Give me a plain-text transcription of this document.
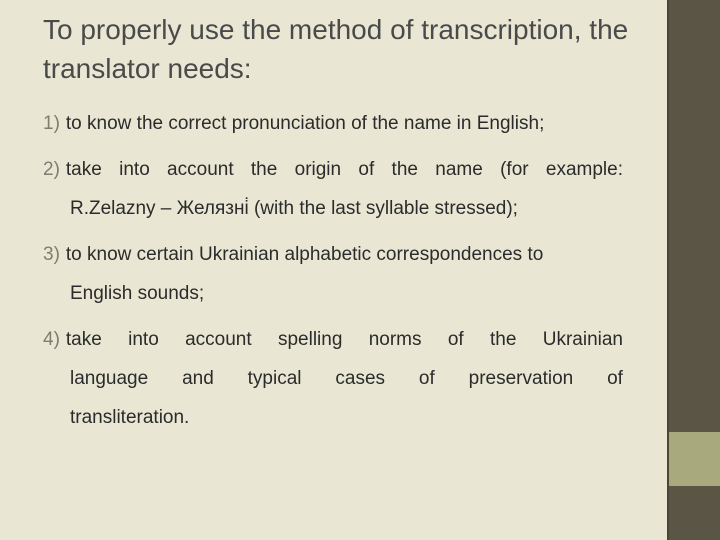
To properly use the method of transcription, the translator needs:
1) to know the correct pronunciation of the name in English;
2) take into account the origin of the name (for example:
R.Zelazny – Желязнi̇ (with the last syllable stressed);
3) to know certain Ukrainian alphabetic correspondences to
English sounds;
4) take into account spelling norms of the Ukrainian
language and typical cases of preservation of
transliteration.
